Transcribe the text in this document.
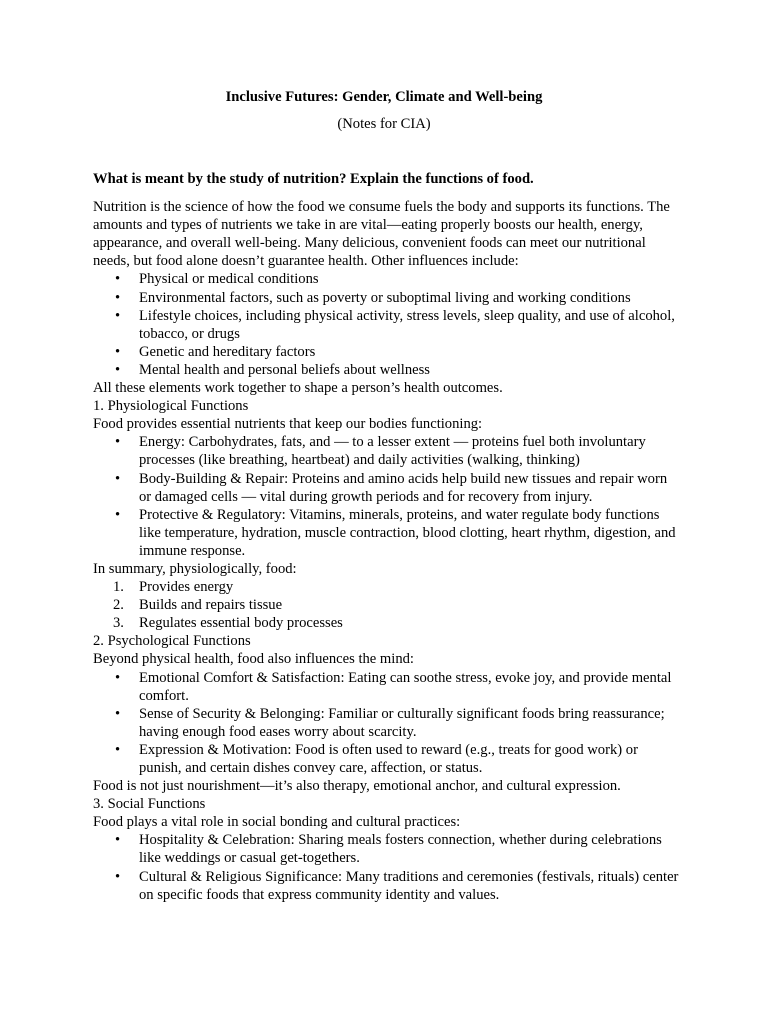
Inclusive Futures: Gender, Climate and Well-being
(Notes for CIA)

What is meant by the study of nutrition? Explain the functions of food.

Nutrition is the science of how the food we consume fuels the body and supports its functions. The amounts and types of nutrients we take in are vital—eating properly boosts our health, energy, appearance, and overall well-being. Many delicious, convenient foods can meet our nutritional needs, but food alone doesn’t guarantee health. Other influences include:

• Physical or medical conditions
• Environmental factors, such as poverty or suboptimal living and working conditions
• Lifestyle choices, including physical activity, stress levels, sleep quality, and use of alcohol, tobacco, or drugs
• Genetic and hereditary factors
• Mental health and personal beliefs about wellness

All these elements work together to shape a person’s health outcomes.

1. Physiological Functions

Food provides essential nutrients that keep our bodies functioning:

• Energy: Carbohydrates, fats, and — to a lesser extent — proteins fuel both involuntary processes (like breathing, heartbeat) and daily activities (walking, thinking)
• Body-Building & Repair: Proteins and amino acids help build new tissues and repair worn or damaged cells — vital during growth periods and for recovery from injury.
• Protective & Regulatory: Vitamins, minerals, proteins, and water regulate body functions like temperature, hydration, muscle contraction, blood clotting, heart rhythm, digestion, and immune response.

In summary, physiologically, food:

1. Provides energy
2. Builds and repairs tissue
3. Regulates essential body processes

2. Psychological Functions

Beyond physical health, food also influences the mind:

• Emotional Comfort & Satisfaction: Eating can soothe stress, evoke joy, and provide mental comfort.
• Sense of Security & Belonging: Familiar or culturally significant foods bring reassurance; having enough food eases worry about scarcity.
• Expression & Motivation: Food is often used to reward (e.g., treats for good work) or punish, and certain dishes convey care, affection, or status.

Food is not just nourishment—it’s also therapy, emotional anchor, and cultural expression.

3. Social Functions

Food plays a vital role in social bonding and cultural practices:

• Hospitality & Celebration: Sharing meals fosters connection, whether during celebrations like weddings or casual get-togethers.
• Cultural & Religious Significance: Many traditions and ceremonies (festivals, rituals) center on specific foods that express community identity and values.
